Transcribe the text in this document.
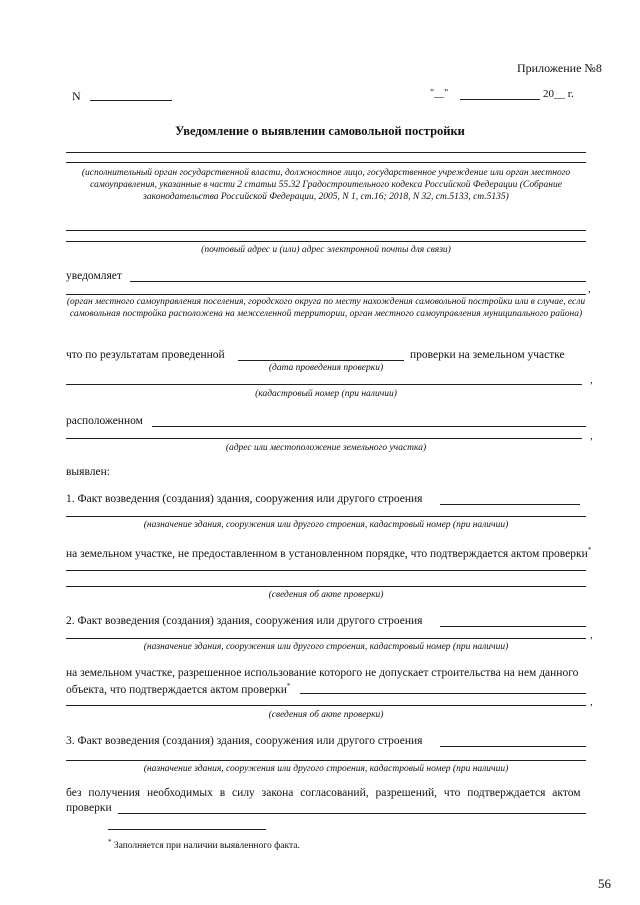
Приложение №8
N	"__"	20__ г.
Уведомление о выявлении самовольной постройки
(исполнительный орган государственной власти, должностное лицо, государственное учреждение или орган местного самоуправления, указанные в части 2 статьи 55.32 Градостроительного кодекса Российской Федерации (Собрание законодательства Российской Федерации, 2005, N 1, ст.16; 2018, N 32, ст.5133, ст.5135)
(почтовый адрес и (или) адрес электронной почты для связи)
уведомляет
,
(орган местного самоуправления поселения, городского округа по месту нахождения самовольной постройки или в случае, если самовольная постройка расположена на межселенной территории, орган местного самоуправления муниципального района)
что по результатам проведенной	проверки на земельном участке
(дата проведения проверки)
,
(кадастровый номер (при наличии)
расположенном
,
(адрес или местоположение земельного участка)
выявлен:
1. Факт возведения (создания) здания, сооружения или другого строения
(назначение здания, сооружения или другого строения, кадастровый номер (при наличии)
на земельном участке, не предоставленном в установленном порядке, что подтверждается актом проверки*
(сведения об акте проверки)
2. Факт возведения (создания) здания, сооружения или другого строения
,
(назначение здания, сооружения или другого строения, кадастровый номер (при наличии)
на земельном участке, разрешенное использование которого не допускает строительства на нем данного
объекта, что подтверждается актом проверки*
,
(сведения об акте проверки)
3. Факт возведения (создания) здания, сооружения или другого строения
(назначение здания, сооружения или другого строения, кадастровый номер (при наличии)
без получения необходимых в силу закона согласований, разрешений, что подтверждается актом
проверки
* Заполняется при наличии выявленного факта.
56
